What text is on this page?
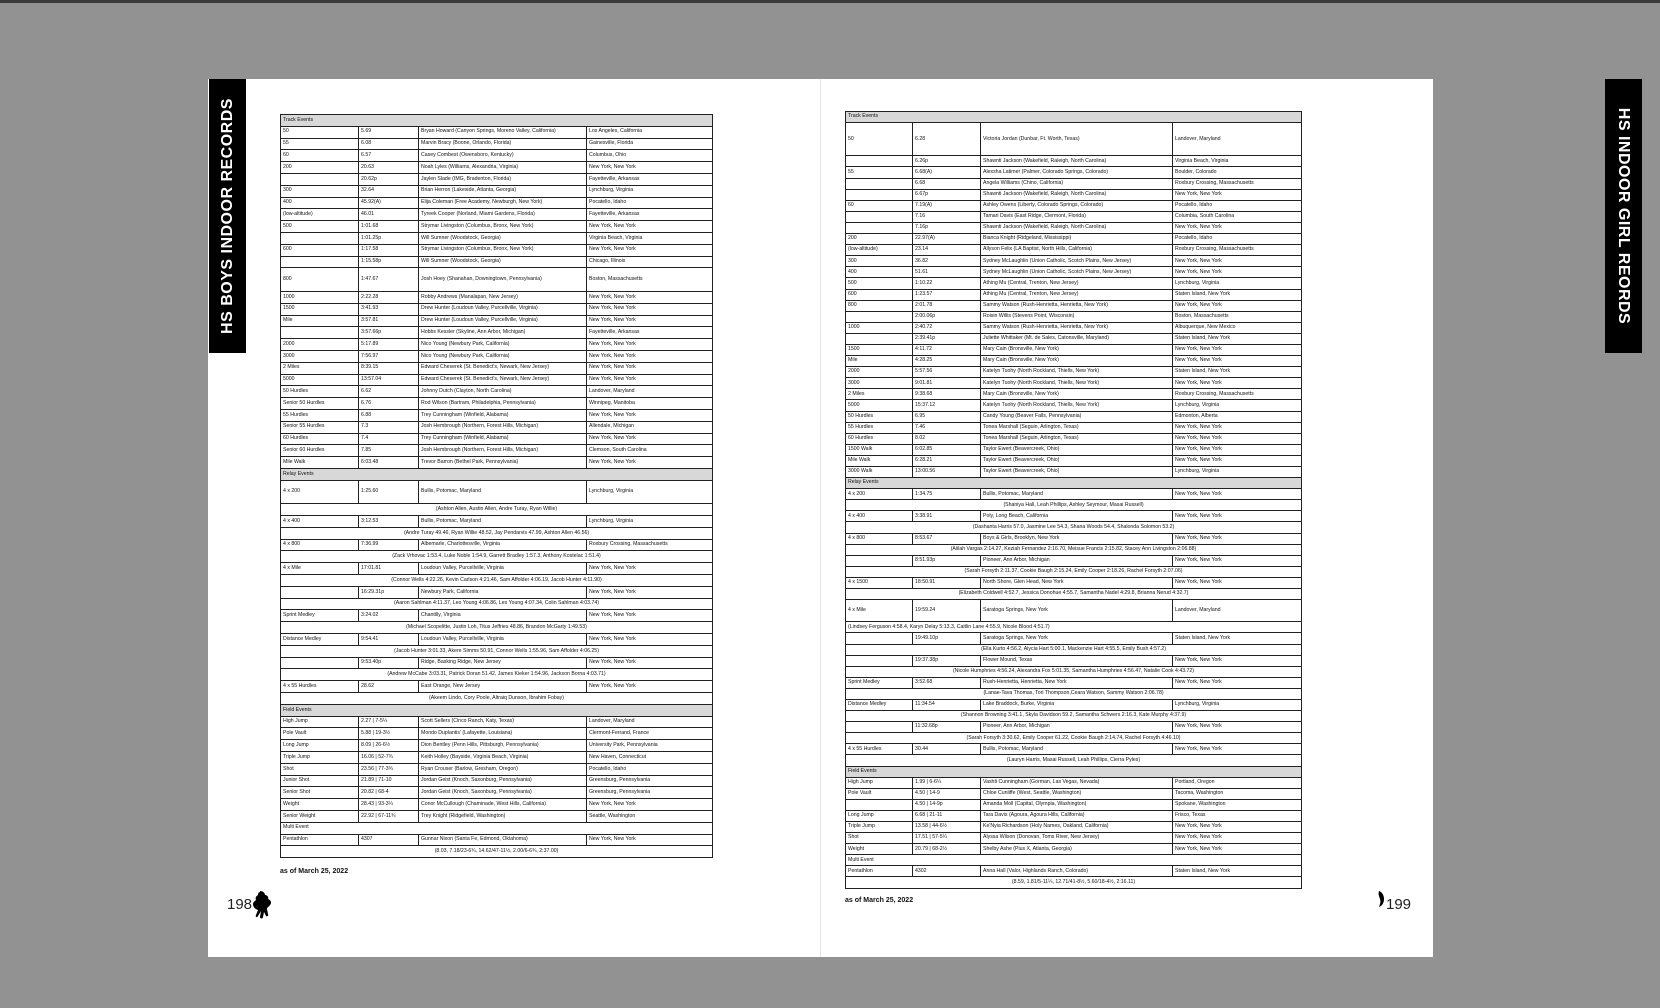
HS BOYS INDOOR RECORDS	HS INDOOR GIRL REORDS
Track Events			
50	5.69	Bryan Howard (Canyon Springs, Moreno Valley, California)	Los Angeles, California
55	6.08	Marvin Bracy (Boone, Orlando, Florida)	Gainesville, Florida
60	6.57	Casey Combest (Owensboro, Kentucky)	Columbus, Ohio
200	20.63	Noah Lyles (Williams, Alexandria, Virginia)	New York, New York
	20.62p	Jaylen Slade (IMG, Bradenton, Florida)	Fayetteville, Arkansas
300	32.64	Brian Herron (Lakeside, Atlanta, Georgia)	Lynchburg, Virginia
400	45.92(A)	Elija Coleman (Free Academy, Newburgh, New York)	Pocatello, Idaho
(low-altitude)	46.01	Tyreek Cooper (Norland, Miami Gardens, Florida)	Fayetteville, Arkansas
500	1:01.68	Strymar Livingston (Columbus, Bronx, New York)	New York, New York
	1:01.25p	Will Sumner (Woodstock, Georgia)	Virginia Beach, Virginia
600	1:17.58	Strymar Livingston (Columbus, Bronx, New York)	New York, New York
	1:15.58p	Will Sumner (Woodstock, Georgia)	Chicago, Illinois
800	1:47.67	Josh Hoey (Shanahan, Downingtown, Pennsylvania)	Boston, Massachusetts
1000	2:22.28	Robby Andrews (Manalapan, New Jersey)	New York, New York
1500	3:41.93	Drew Hunter (Loudoun Valley, Purcellville, Virginia)	New York, New York
Mile	3:57.81	Drew Hunter (Loudoun Valley, Purcellville, Virginia)	New York, New York
	3:57.66p	Hobbs Kessler (Skyline, Ann Arbor, Michigan)	Fayetteville, Arkansas
2000	5:17.89	Nico Young (Newbury Park, California)	New York, New York
3000	7:56.97	Nico Young (Newbury Park, California)	New York, New York
2 Miles	8:39.15	Edward Cheserek (St. Benedict's, Newark, New Jersey)	New York, New York
5000	13:57.04	Edward Cheserek (St. Benedict's, Newark, New Jersey)	New York, New York
50 Hurdles	6.62	Johnny Dutch (Clayton, North Carolina)	Landover, Maryland
Senior 50 Hurdles	6.76	Rod Wilson (Bartram, Philadelphia, Pennsylvania)	Winnipeg, Manitoba
55 Hurdles	6.88	Trey Cunningham (Winfield, Alabama)	New York, New York
Senior 55 Hurdles	7.3	Josh Hembrough (Northern, Forest Hills, Michigan)	Allendale, Michigan
60 Hurdles	7.4	Trey Cunningham (Winfield, Alabama)	New York, New York
Senior 60 Hurdles	7.85	Josh Hembrough (Northern, Forest Hills, Michigan)	Clemson, South Carolina
Mile Walk	6:03.48	Trevor Barron (Bethel Park, Pennsylvania)	New York, New York
Relay Events			
4 x 200	1:25.60	Bullis, Potomac, Maryland	Lynchburg, Virginia
(Ashton Allen, Austin Allen, Andre Turay, Ryan Willie)			
4 x 400	3:12.53	Bullis, Potomac, Maryland	Lynchburg, Virginia
(Andre Turay 49.46, Ryan Willie 48.52, Jay Pendarvis 47.99, Ashton Allen 46.56)			
4 x 800	7:36.99	Albemarle, Charlottesville, Virginia	Roxbury Crossing, Massachusetts
(Zack Vrhovac 1:53.4, Luke Noble 1:54.9, Garrett Bradley 1:57.3, Anthony Kostelac 1:51.4)			
4 x Mile	17:01.81	Loudoun Valley, Purcellville, Virginia	New York, New York
(Connor Wells 4:22.26, Kevin Carlson 4:21.46, Sam Affolder 4:06.19, Jacob Hunter 4:11.90)			
	16:29.31p	Newbury Park, California	New York, New York
(Aaron Sahlman 4:11.37, Leo Young 4:06.86, Lex Young 4:07.34, Colin Sahlman 4:03.74)			
Sprint Medley	3:24.02	Chantilly, Virginia	New York, New York
(Michael Scopelitte, Justin Loh, Titus Jeffries 48.86, Brandon McGarty 1:49.53)			
Distance Medley	9:54.41	Loudoun Valley, Purcellville, Virginia	New York, New York
(Jacob Hunter 3:01.33, Akere Simms 50.91, Connor Wells 1:55.96, Sam Affolder 4:06.25)			
	9:53.40p	Ridge, Basking Ridge, New Jersey	New York, New York
(Andrew McCabe 3:03.31, Patrick Doran 51.42, James Kieker 1:54.96, Jackson Borna 4:03.71)			
4 x 55 Hurdles	28.62	East Orange, New Jersey	New York, New York
(Akeem Lindo, Cory Poole, Altraiq Dunson, Ibrahim Fobay)			
Field Events			
High Jump	2.27 | 7-5¼	Scott Sellers (Cinco Ranch, Katy, Texas)	Landover, Maryland
Pole Vault	5.88 | 19-3½	Mondo Duplantis' (Lafayette, Louisiana)	Clermont-Ferrand, France
Long Jump	8.09 | 26-6½	Dion Bentley (Penn Hills, Pittsburgh, Pennsylvania)	University Park, Pennsylvania
Triple Jump	16.06 | 52-7¾	Keith Holley (Bayside, Virginia Beach, Virginia)	New Haven, Connecticut
Shot	23.56 | 77-3¾	Ryan Crouser (Barlow, Gresham, Oregon)	Pocatello, Idaho
Junior Shot	21.89 | 71-10	Jordan Geist (Knoch, Saxonburg, Pennsylvania)	Greensburg, Pennsylvania
Senior Shot	20.82 | 68-4	Jordan Geist (Knoch, Saxonburg, Pennsylvania)	Greensburg, Pennsylvania
Weight	28.43 | 93-3¼	Conor McCullough (Chaminade, West Hills, California)	New York, New York
Senior Weight	22.92 | 67-11¾	Trey Knight (Ridgefield, Washington)	Seattle, Washington
Multi Event			
Pentathlon	4307	Gunnar Nixon (Santa Fe, Edmond, Oklahoma)	New York, New York
(8.03, 7.18/23-6¾, 14.62/47-11½, 2.00/6-6¾, 2:37.00)			
Track Events			
50	6.28	Victoria Jordan (Dunbar, Ft. Worth, Texas)	Landover, Maryland
	6.26p	Shawnti Jackson (Wakefield, Raleigh, North Carolina)	Virginia Beach, Virginia
55	6.68(A)	Alexsha Latimer (Palmer, Colorado Springs, Colorado)	Boulder, Colorado
	6.68	Angela Williams (Chino, California)	Roxbury Crossing, Massachusetts
	6.67p	Shawnti Jackson (Wakefield, Raleigh, North Carolina)	New York, New York
60	7.19(A)	Ashley Owens (Liberty, Colorado Springs, Colorado)	Pocatello, Idaho
	7.16	Tamari Davis (East Ridge, Clermont, Florida)	Columbia, South Carolina
	7.16p	Shawnti Jackson (Wakefield, Raleigh, North Carolina)	New York, New York
200	22.97(A)	Bianca Knight (Ridgeland, Mississippi)	Pocatello, Idaho
(low-altitude)	23.14	Allyson Felix (LA Baptist, North Hills, California)	Roxbury Crossing, Massachusetts
300	36.82	Sydney McLaughlin (Union Catholic, Scotch Plains, New Jersey)	New York, New York
400	51.61	Sydney McLaughlin (Union Catholic, Scotch Plains, New Jersey)	New York, New York
500	1:10.22	Athing Mu (Central, Trenton, New Jersey)	Lynchburg, Virginia
600	1:23.57	Athing Mu (Central, Trenton, New Jersey)	Staten Island, New York
800	2:01.78	Sammy Watson (Rush-Henrietta, Henrietta, New York)	New York, New York
	2:00.06p	Roisin Willis (Stevens Point, Wisconsin)	Boston, Massachusetts
1000	2:40.72	Sammy Watson (Rush-Henrietta, Henrietta, New York)	Albuquerque, New Mexico
	2:39.41p	Juliette Whittaker (Mt. de Sales, Catonsville, Maryland)	Staten Island, New York
1500	4:11.72	Mary Cain (Bronxville, New York)	New York, New York
Mile	4:28.25	Mary Cain (Bronxville, New York)	New York, New York
2000	5:57.56	Katelyn Tuohy (North Rockland, Thiells, New York)	Staten Island, New York
3000	9:01.81	Katelyn Tuohy (North Rockland, Thiells, New York)	New York, New York
2 Miles	9:38.68	Mary Cain (Bronxville, New York)	Roxbury Crossing, Massachusetts
5000	15:37.12	Katelyn Tuohy (North Rockland, Thiells, New York)	Lynchburg, Virginia
50 Hurdles	6.95	Candy Young (Beaver Falls, Pennsylvania)	Edmonton, Alberta
55 Hurdles	7.46	Tonea Marshall (Seguin, Arlington, Texas)	New York, New York
60 Hurdles	8.02	Tonea Marshall (Seguin, Arlington, Texas)	New York, New York
1500 Walk	6:02.85	Taylor Ewert (Beavercreek, Ohio)	New York, New York
Mile Walk	6:28.21	Taylor Ewert (Beavercreek, Ohio)	New York, New York
3000 Walk	13:00.56	Taylor Ewert (Beavercreek, Ohio)	Lynchburg, Virginia
Relay Events			
4 x 200	1:34.75	Bullis, Potomac, Maryland	New York, New York
(Shaniya Hall, Leah Phillips, Ashley Seymour, Masai Russell)			
4 x 400	3:38.91	Poly, Long Beach, California	New York, New York
(Dashanta Harris 57.0, Jasmine Lee 54.3, Shana Woods 54.4, Shalonda Solomon 53.2)			
4 x 800	8:53.67	Boys & Girls, Brooklyn, New York	New York, New York
(Aiilah Vargas 2:14.27, Keziah Fernandez 2:16.70, Meisue Francis 2:15.82, Stacey Ann Livingston 2:06.88)			
	8:51.93p	Pioneer, Ann Arbor, Michigan	New York, New York
(Sarah Forsyth 2:11.37, Cookie Baugh 2:15.24, Emily Cooper 2:18.26, Rachel Forsyth 2:07.06)			
4 x 1500	18:50.91	North Shore, Glen Head, New York	New York, New York
(Elizabeth Coldwell 4:52.7, Jessica Donohue 4:55.7, Samantha Nadel 4:29.8, Brianna Nerud 4:32.7)			
4 x Mile	19:59.24	Saratoga Springs, New York	Landover, Maryland
(Lindsey Ferguson 4:58.4, Karyn Delay 5:13.3, Caitlin Lane 4:55.9, Nicole Blood 4:51.7)			
	19:49.10p	Saratoga Springs, New York	Staten Island, New York
(Ella Kurto 4:56.2, Alycia Hart 5:00.1, Mackenzie Hart 4:55.5, Emily Bush 4:57.2)			
	19:37.38p	Flower Mound, Texas	New York, New York
(Nicole Humphries 4:56.24, Alexandra Fox 5:01.35, Samantha Humphries 4:56.47, Natalie Cook 4:43.72)			
Sprint Medley	3:52.68	Rush-Henrietta, Henrietta, New York	New York, New York
(Lanae-Tava Thomas, Tori Thompson,Ceara Watson, Sammy Watson 2:06.78)			
Distance Medley	11:34.54	Lake Braddock, Burke, Virginia	Lynchburg, Virginia
(Shannon Browning 3:41.1, Skyla Davidson 59.2, Samantha Schwers 2:16.3, Kate Murphy 4:37.9)			
	11:32.68p	Pioneer, Ann Arbor, Michigan	New York, New York
(Sarah Forsyth 3:30.62, Emily Cooper 61.22, Cookie Baugh 2:14.74, Rachel Forsyth 4:46.10)			
4 x 55 Hurdles	30.44	Bullis, Potomac, Maryland	New York, New York
(Lauryn Harris, Masai Russell, Leah Phillips, Cierra Pyles)			
Field Events			
High Jump	1.99 | 6-6¼	Vashti Cunningham (Gorman, Las Vegas, Nevada)	Portland, Oregon
Pole Vault	4.50 | 14-9	Chloe Cunliffe (West, Seattle, Washington)	Tacoma, Washington
	4.50 | 14-9p	Amanda Moll (Capital, Olympia, Washington)	Spokane, Washington
Long Jump	6.68 | 21-11	Tara Davis (Agoura, Agoura Hills, California)	Frisco, Texas
Triple Jump	13.58 | 44-6½	Ke'Nyia Richardson (Holy Names, Oakland, California)	New York, New York
Shot	17.51 | 57-5¼	Alyssa Wilson (Donovan, Toms River, New Jersey)	New York, New York
Weight	20.79 | 68-2½	Shelby Ashe (Pius X, Atlanta, Georgia)	New York, New York
Multi Event			
Pentathlon	4302	Anna Hall (Valor, Highlands Ranch, Colorado)	Staten Island, New York
(8.59, 1.81/5-11¼, 12.71/41-8½, 5.60/18-4½, 2:16.11)			
as of March 25, 2022
as of March 25, 2022
198	199
